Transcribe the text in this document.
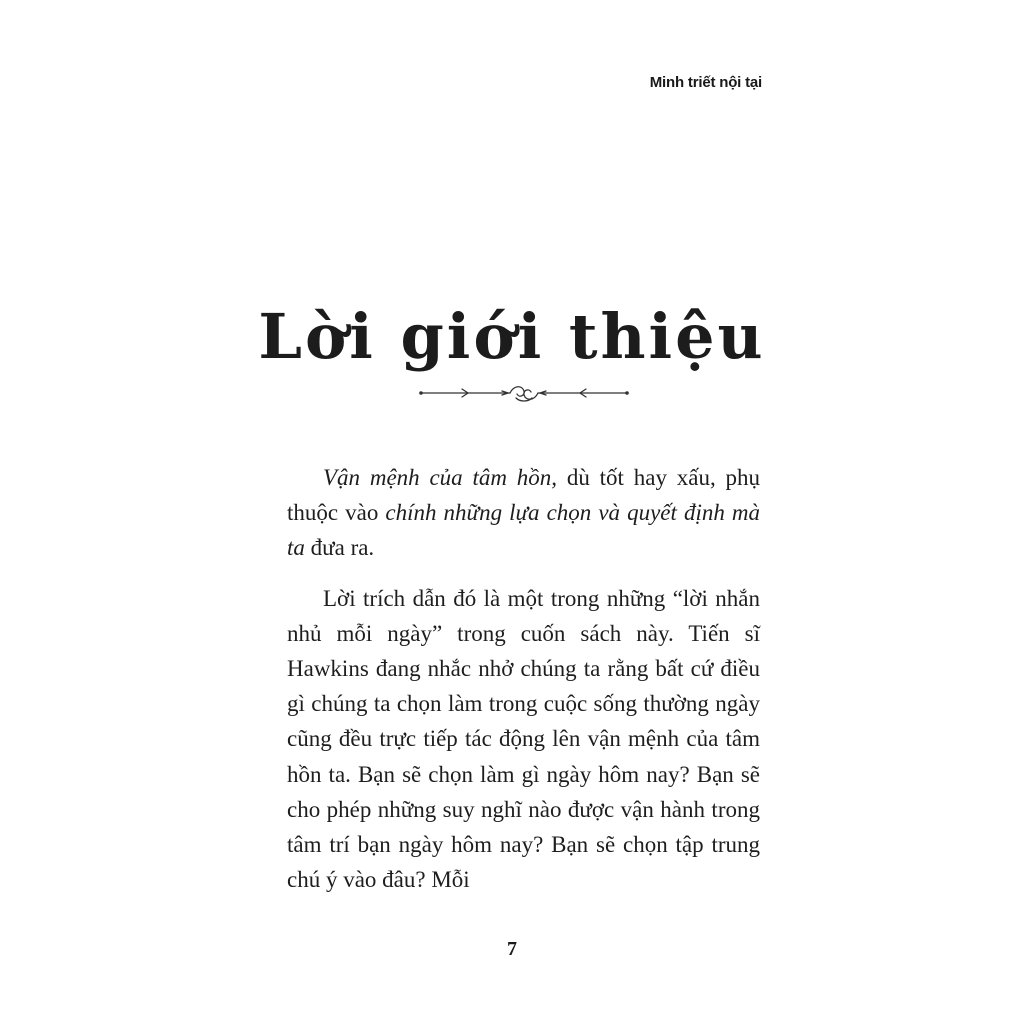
Minh triết nội tại
Lời giới thiệu

Vận mệnh của tâm hồn, dù tốt hay xấu, phụ thuộc vào chính những lựa chọn và quyết định mà ta đưa ra.

Lời trích dẫn đó là một trong những “lời nhắn nhủ mỗi ngày” trong cuốn sách này. Tiến sĩ Hawkins đang nhắc nhở chúng ta rằng bất cứ điều gì chúng ta chọn làm trong cuộc sống thường ngày cũng đều trực tiếp tác động lên vận mệnh của tâm hồn ta. Bạn sẽ chọn làm gì ngày hôm nay? Bạn sẽ cho phép những suy nghĩ nào được vận hành trong tâm trí bạn ngày hôm nay? Bạn sẽ chọn tập trung chú ý vào đâu? Mỗi

7
